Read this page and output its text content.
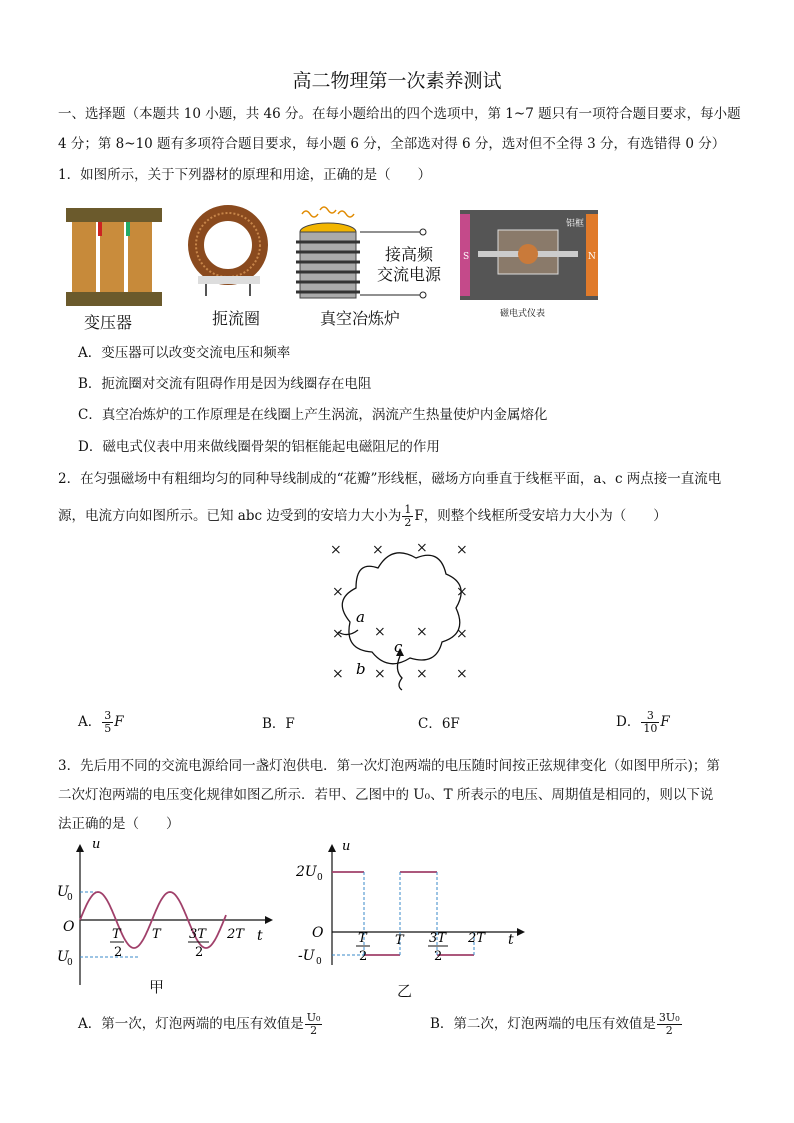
高二物理第一次素养测试
一、选择题（本题共 10 小题，共 46 分。在每小题给出的四个选项中，第 1~7 题只有一项符合题目要求，每小题
4 分；第 8~10 题有多项符合题目要求，每小题 6 分，全部选对得 6 分，选对但不全得 3 分，有选错得 0 分）
1．如图所示，关于下列器材的原理和用途，正确的是（　　）
变压器	扼流圈	真空冶炼炉
接高频
交流电源
磁电式仪表
铝框
S	N
A．变压器可以改变交流电压和频率
B．扼流圈对交流有阻碍作用是因为线圈存在电阻
C．真空冶炼炉的工作原理是在线圈上产生涡流，涡流产生热量使炉内金属熔化
D．磁电式仪表中用来做线圈骨架的铝框能起电磁阻尼的作用
2．在匀强磁场中有粗细均匀的同种导线制成的“花瓣”形线框，磁场方向垂直于线框平面，a、c 两点接一直流电
源，电流方向如图所示。已知 abc 边受到的安培力大小为 $\frac{1}{2}$ F，则整个线框所受安培力大小为（　　）
× × × ×
×	×
× × × ×
× × × ×
a
b
c
A． $\frac{3}{5}$ F	B．F	C．6F	D． $\frac{3}{10}$ F
3．先后用不同的交流电源给同一盏灯泡供电．第一次灯泡两端的电压随时间按正弦规律变化（如图甲所示)；第
二次灯泡两端的电压变化规律如图乙所示．若甲、乙图中的 U₀、T 所表示的电压、周期值是相同的，则以下说
法正确的是（　　）
u
t
U
0
O
U
0
T
2
T 3T
2
2T
甲
u
t
2U 0
O
-U 0
T
2
T 3T
2
2T
乙
A．第一次，灯泡两端的电压有效值是 $\frac{\text{U₀}}{2}$	B．第二次，灯泡两端的电压有效值是 $\frac{\text{3U₀}}{2}$
